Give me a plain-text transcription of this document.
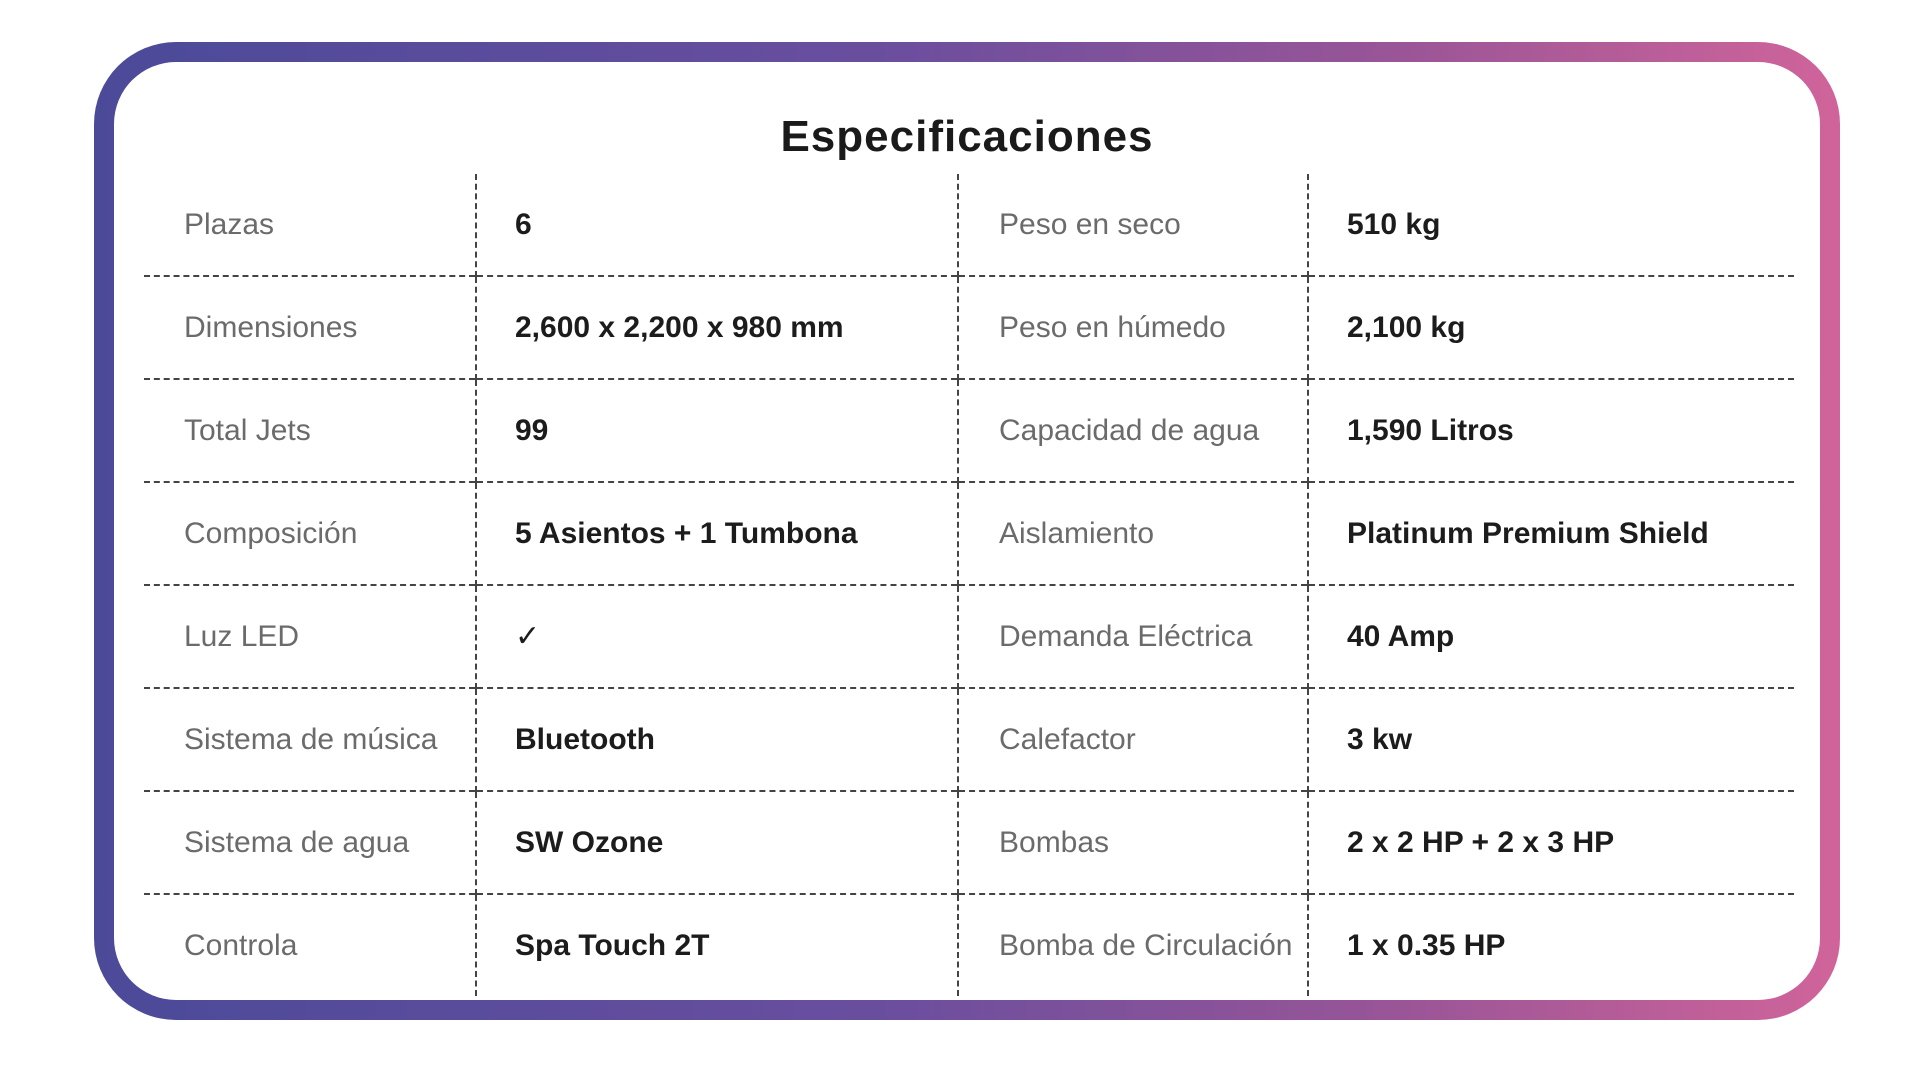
Especificaciones
Plazas	6	Peso en seco	510 kg
Dimensiones	2,600 x 2,200 x 980 mm	Peso en húmedo	2,100 kg
Total Jets	99	Capacidad de agua	1,590 Litros
Composición	5 Asientos + 1 Tumbona	Aislamiento	Platinum Premium Shield
Luz LED	✓	Demanda Eléctrica	40 Amp
Sistema de música	Bluetooth	Calefactor	3 kw
Sistema de agua	SW Ozone	Bombas	2 x 2 HP + 2 x 3 HP
Controla	Spa Touch 2T	Bomba de Circulación	1 x 0.35 HP
